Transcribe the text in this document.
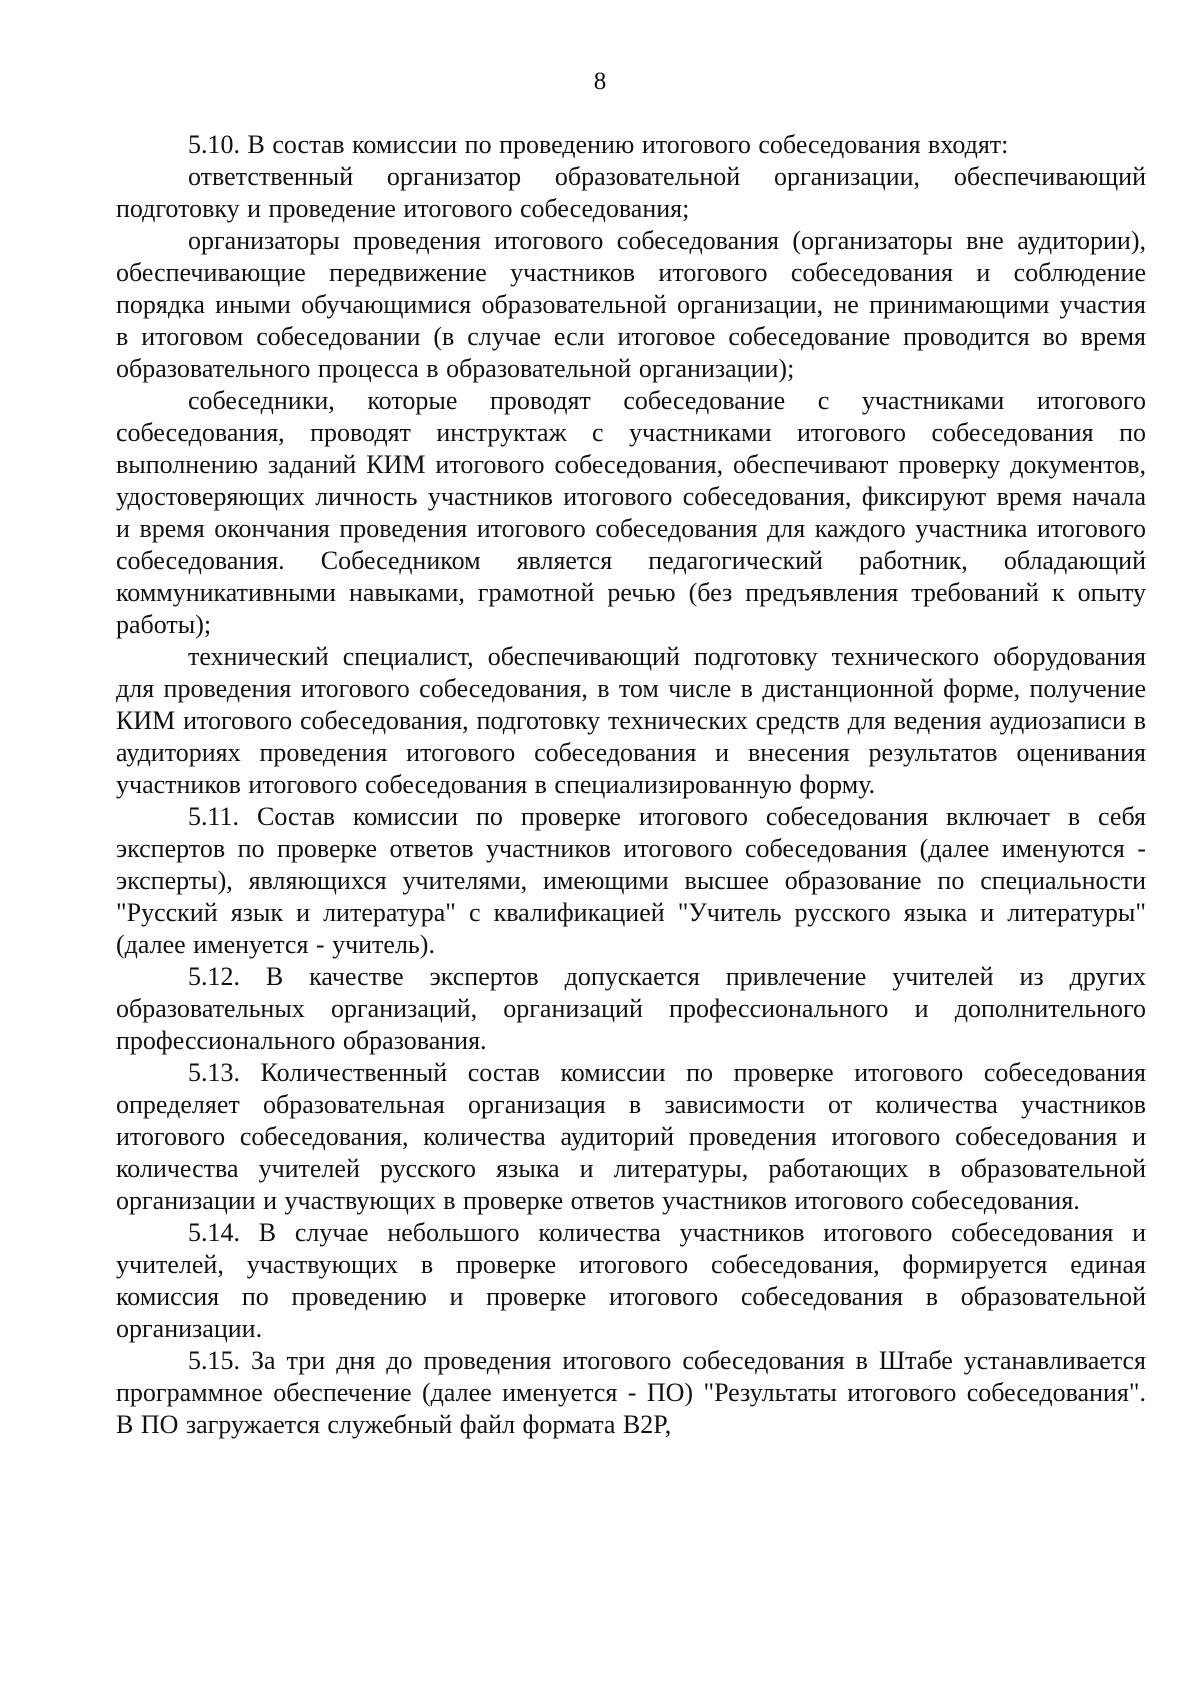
8

5.10. В состав комиссии по проведению итогового собеседования входят:

ответственный организатор образовательной организации, обеспечивающий подготовку и проведение итогового собеседования;

организаторы проведения итогового собеседования (организаторы вне аудитории), обеспечивающие передвижение участников итогового собеседования и соблюдение порядка иными обучающимися образовательной организации, не принимающими участия в итоговом собеседовании (в случае если итоговое собеседование проводится во время образовательного процесса в образовательной организации);

собеседники, которые проводят собеседование с участниками итогового собеседования, проводят инструктаж с участниками итогового собеседования по выполнению заданий КИМ итогового собеседования, обеспечивают проверку документов, удостоверяющих личность участников итогового собеседования, фиксируют время начала и время окончания проведения итогового собеседования для каждого участника итогового собеседования. Собеседником является педагогический работник, обладающий коммуникативными навыками, грамотной речью (без предъявления требований к опыту работы);

технический специалист, обеспечивающий подготовку технического оборудования для проведения итогового собеседования, в том числе в дистанционной форме, получение КИМ итогового собеседования, подготовку технических средств для ведения аудиозаписи в аудиториях проведения итогового собеседования и внесения результатов оценивания участников итогового собеседования в специализированную форму.

5.11. Состав комиссии по проверке итогового собеседования включает в себя экспертов по проверке ответов участников итогового собеседования (далее именуются - эксперты), являющихся учителями, имеющими высшее образование по специальности "Русский язык и литература" с квалификацией "Учитель русского языка и литературы" (далее именуется - учитель).

5.12. В качестве экспертов допускается привлечение учителей из других образовательных организаций, организаций профессионального и дополнительного профессионального образования.

5.13. Количественный состав комиссии по проверке итогового собеседования определяет образовательная организация в зависимости от количества участников итогового собеседования, количества аудиторий проведения итогового собеседования и количества учителей русского языка и литературы, работающих в образовательной организации и участвующих в проверке ответов участников итогового собеседования.

5.14. В случае небольшого количества участников итогового собеседования и учителей, участвующих в проверке итогового собеседования, формируется единая комиссия по проведению и проверке итогового собеседования в образовательной организации.

5.15. За три дня до проведения итогового собеседования в Штабе устанавливается программное обеспечение (далее именуется - ПО) "Результаты итогового собеседования". В ПО загружается служебный файл формата B2P,
